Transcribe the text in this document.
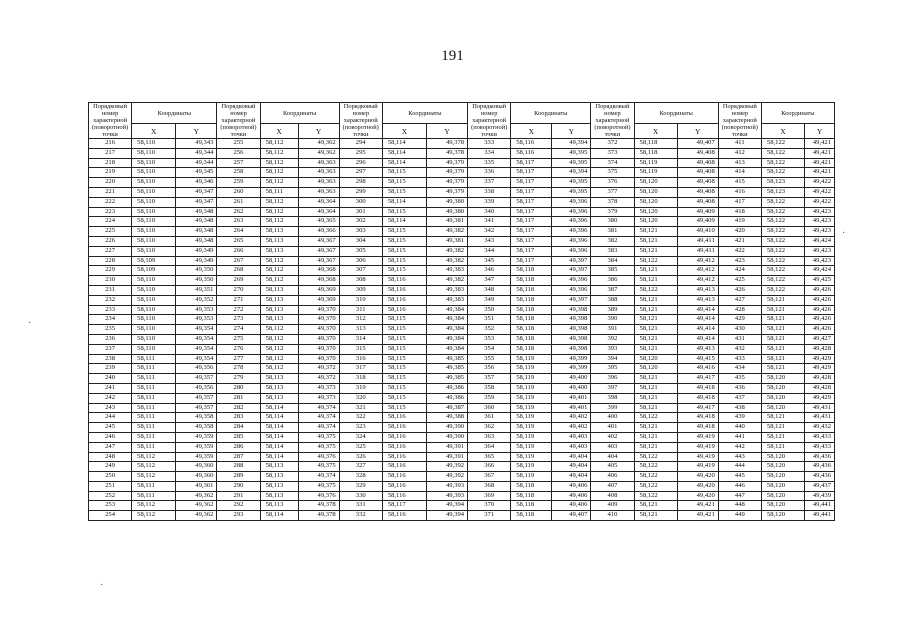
191
·
·
·
Порядковый номер характерной (поворотной) точки	Координаты		Порядковый номер характерной (поворотной) точки	Координаты		Порядковый номер характерной (поворотной) точки	Координаты		Порядковый номер характерной (поворотной) точки	Координаты		Порядковый номер характерной (поворотной) точки	Координаты		Порядковый номер характерной (поворотной) точки	Координаты	
	X	Y		X	Y		X	Y		X	Y		X	Y		X	Y
216	58,110	49,343	255	58,112	49,362	294	58,114	49,378	333	58,116	49,394	372	58,118	49,407	411	58,122	49,421
217	58,110	49,344	256	58,112	49,362	295	58,114	49,378	334	58,116	49,395	373	58,118	49,408	412	58,122	49,421
218	58,110	49,344	257	58,112	49,363	296	58,114	49,379	335	58,117	49,395	374	58,119	49,408	413	58,122	49,421
219	58,110	49,345	258	58,112	49,363	297	58,115	49,379	336	58,117	49,394	375	58,119	49,408	414	58,122	49,421
220	58,110	49,346	259	58,112	49,363	298	58,115	49,379	337	58,117	49,395	376	58,120	49,408	415	58,123	49,422
221	58,110	49,347	260	58,111	49,363	299	58,115	49,379	338	58,117	49,395	377	58,120	49,408	416	58,123	49,422
222	58,110	49,347	261	58,112	49,364	300	58,114	49,380	339	58,117	49,396	378	58,120	49,408	417	58,122	49,422
223	58,110	49,348	262	58,112	49,364	301	58,115	49,380	340	58,117	49,396	379	58,120	49,409	418	58,122	49,423
224	58,110	49,348	263	58,112	49,365	302	58,114	49,381	341	58,117	49,396	380	58,120	49,409	419	58,122	49,423
225	58,110	49,348	264	58,113	49,366	303	58,115	49,382	342	58,117	49,396	381	58,121	49,410	420	58,122	49,423
226	58,110	49,348	265	58,113	49,367	304	58,115	49,381	343	58,117	49,396	382	58,121	49,411	421	58,122	49,424
227	58,110	49,349	266	58,113	49,367	305	58,115	49,382	344	58,117	49,396	383	58,121	49,411	422	58,122	49,423
228	58,109	49,349	267	58,112	49,367	306	58,115	49,382	345	58,117	49,397	384	58,122	49,412	423	58,122	49,423
229	58,109	49,350	268	58,112	49,368	307	58,115	49,383	346	58,118	49,397	385	58,121	49,412	424	58,122	49,424
230	58,110	49,350	269	58,112	49,368	308	58,116	49,382	347	58,118	49,396	386	58,121	49,412	425	58,122	49,425
231	58,110	49,351	270	58,113	49,369	309	58,116	49,383	348	58,118	49,396	387	58,122	49,413	426	58,122	49,426
232	58,110	49,352	271	58,113	49,369	310	58,116	49,383	349	58,118	49,397	388	58,121	49,413	427	58,121	49,426
233	58,110	49,353	272	58,113	49,370	311	58,116	49,384	350	58,118	49,398	389	58,121	49,414	428	58,121	49,426
234	58,110	49,353	273	58,113	49,370	312	58,115	49,384	351	58,118	49,398	390	58,121	49,414	429	58,121	49,426
235	58,110	49,354	274	58,112	49,370	313	58,115	49,384	352	58,118	49,398	391	58,121	49,414	430	58,121	49,426
236	58,110	49,354	275	58,112	49,370	314	58,115	49,384	353	58,118	49,398	392	58,121	49,414	431	58,121	49,427
237	58,110	49,354	276	58,112	49,370	315	58,115	49,384	354	58,118	49,398	393	58,121	49,413	432	58,121	49,428
238	58,111	49,354	277	58,112	49,370	316	58,115	49,385	355	58,119	49,399	394	58,120	49,415	433	58,121	49,429
239	58,111	49,356	278	58,112	49,372	317	58,115	49,385	356	58,119	49,399	395	58,120	49,416	434	58,121	49,429
240	58,111	49,357	279	58,113	49,372	318	58,115	49,385	357	58,119	49,400	396	58,121	49,417	435	58,120	49,428
241	58,111	49,356	280	58,113	49,373	319	58,115	49,386	358	58,119	49,400	397	58,121	49,418	436	58,120	49,428
242	58,111	49,357	281	58,113	49,373	320	58,115	49,386	359	58,119	49,401	398	58,121	49,418	437	58,120	49,429
243	58,111	49,357	282	58,114	49,374	321	58,115	49,387	360	58,119	49,401	399	58,121	49,417	438	58,120	49,431
244	58,111	49,358	283	58,114	49,374	322	58,116	49,388	361	58,119	49,402	400	58,122	49,418	439	58,121	49,431
245	58,111	49,358	284	58,114	49,374	323	58,116	49,390	362	58,119	49,402	401	58,121	49,418	440	58,121	49,432
246	58,111	49,359	285	58,114	49,375	324	58,116	49,390	363	58,119	49,403	402	58,121	49,419	441	58,121	49,433
247	58,111	49,359	286	58,114	49,375	325	58,116	49,391	364	58,119	49,403	403	58,121	49,419	442	58,121	49,433
248	58,112	49,359	287	58,114	49,376	326	58,116	49,391	365	58,119	49,404	404	58,122	49,419	443	58,120	49,436
249	58,112	49,360	288	58,113	49,375	327	58,116	49,392	366	58,119	49,404	405	58,122	49,419	444	58,120	49,436
250	58,112	49,360	289	58,113	49,374	328	58,116	49,392	367	58,119	49,404	406	58,122	49,420	445	58,120	49,436
251	58,111	49,361	290	58,113	49,375	329	58,116	49,393	368	58,118	49,406	407	58,122	49,420	446	58,120	49,437
252	58,111	49,362	291	58,113	49,376	330	58,116	49,393	369	58,118	49,406	408	58,122	49,420	447	58,120	49,439
253	58,112	49,362	292	58,113	49,378	331	58,117	49,394	370	58,118	49,406	409	58,121	49,421	448	58,120	49,441
254	58,112	49,362	293	58,114	49,378	332	58,116	49,394	371	58,118	49,407	410	58,121	49,421	449	58,120	49,441
